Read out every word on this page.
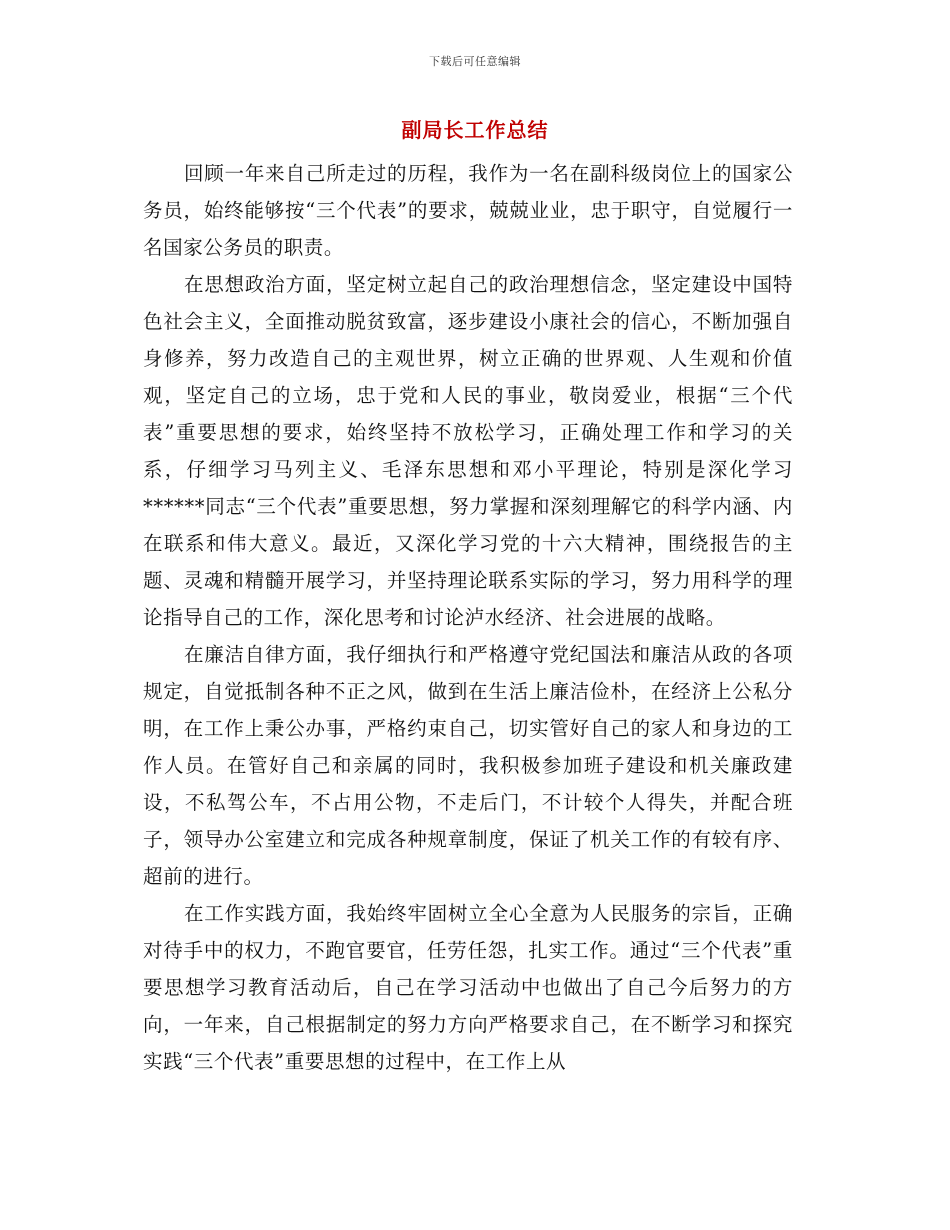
下载后可任意编辑
副局长工作总结

回顾一年来自己所走过的历程，我作为一名在副科级岗位上的国家公务员，始终能够按“三个代表”的要求，兢兢业业，忠于职守，自觉履行一名国家公务员的职责。

在思想政治方面，坚定树立起自己的政治理想信念，坚定建设中国特色社会主义，全面推动脱贫致富，逐步建设小康社会的信心，不断加强自身修养，努力改造自己的主观世界，树立正确的世界观、人生观和价值观，坚定自己的立场，忠于党和人民的事业，敬岗爱业，根据“三个代表”重要思想的要求，始终坚持不放松学习，正确处理工作和学习的关系，仔细学习马列主义、毛泽东思想和邓小平理论，特别是深化学习******同志“三个代表”重要思想，努力掌握和深刻理解它的科学内涵、内在联系和伟大意义。最近，又深化学习党的十六大精神，围绕报告的主题、灵魂和精髓开展学习，并坚持理论联系实际的学习，努力用科学的理论指导自己的工作，深化思考和讨论泸水经济、社会进展的战略。

在廉洁自律方面，我仔细执行和严格遵守党纪国法和廉洁从政的各项规定，自觉抵制各种不正之风，做到在生活上廉洁俭朴，在经济上公私分明，在工作上秉公办事，严格约束自己，切实管好自己的家人和身边的工作人员。在管好自己和亲属的同时，我积极参加班子建设和机关廉政建设，不私驾公车，不占用公物，不走后门，不计较个人得失，并配合班子，领导办公室建立和完成各种规章制度，保证了机关工作的有较有序、超前的进行。

在工作实践方面，我始终牢固树立全心全意为人民服务的宗旨，正确对待手中的权力，不跑官要官，任劳任怨，扎实工作。通过“三个代表”重要思想学习教育活动后，自己在学习活动中也做出了自己今后努力的方向，一年来，自己根据制定的努力方向严格要求自己，在不断学习和探究实践“三个代表”重要思想的过程中，在工作上从
